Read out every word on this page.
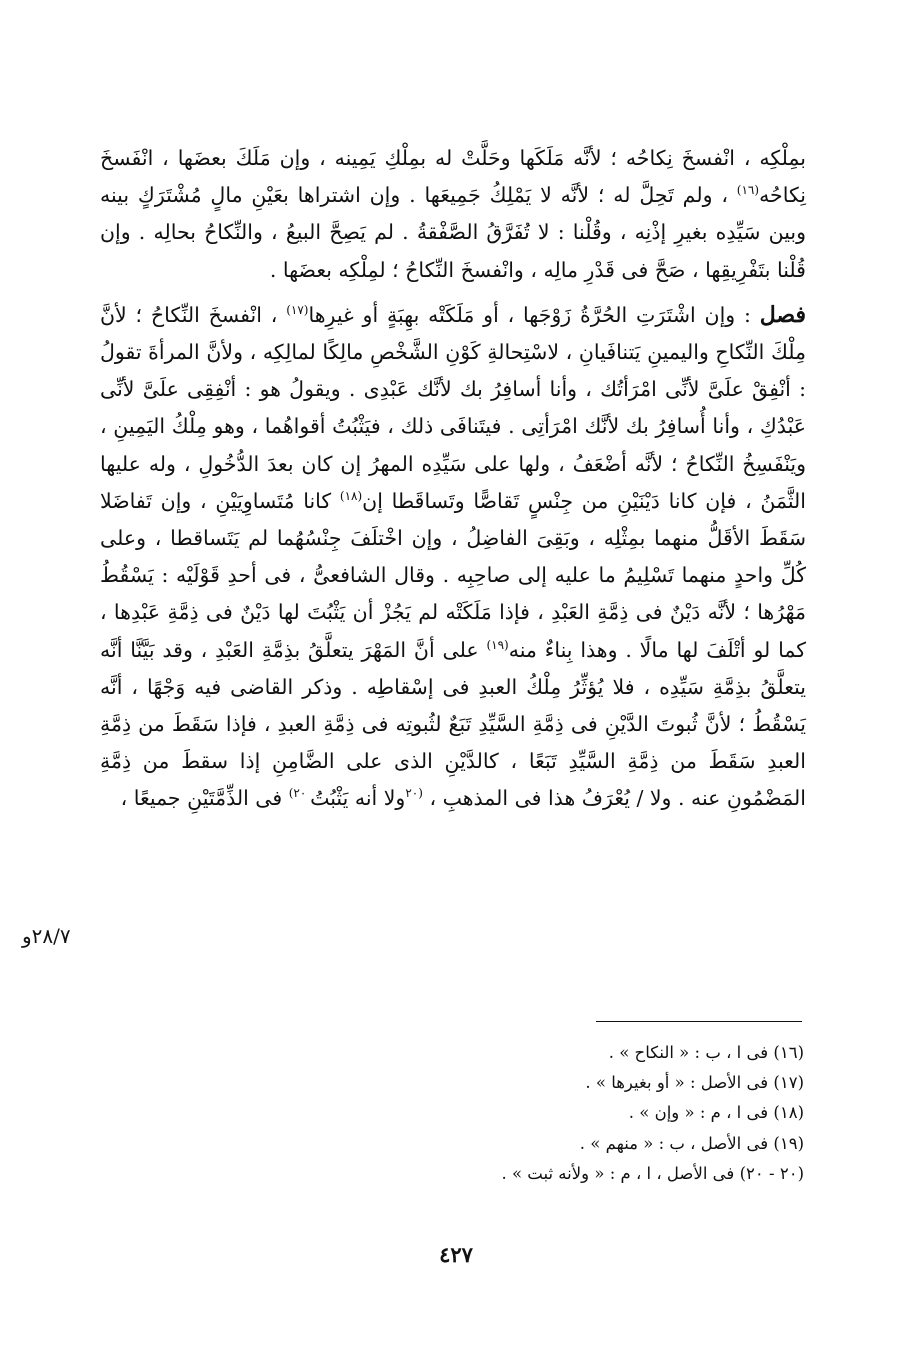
بمِلْكِه ، انْفسخَ نِكاحُه ؛ لأنَّه مَلَكَها وحَلَّتْ له بمِلْكِ يَمِينه ، وإن مَلَكَ بعضَها ، انْفَسخَ نِكاحُه$^{(١٦)}$ ، ولم تَحِلَّ له ؛ لأنَّه لا يَمْلِكُ جَمِيعَها . وإن اشتراها بعَيْنِ مالٍ مُشْتَرَكٍ بينه وبين سَيِّدِه بغيرِ إذْنِه ، وقُلْنا : لا تُفَرَّقُ الصَّفْقةُ . لم يَصِحَّ البيعُ ، والنِّكاحُ بحالِه . وإن قُلْنا بتَفْرِيقِها ، صَحَّ فى قَدْرِ مالِه ، وانْفسخَ النِّكاحُ ؛ لمِلْكِه بعضَها .

فصل : وإن اشْتَرَتِ الحُرَّةُ زَوْجَها ، أو مَلَكَتْه بهِبَةٍ أو غيرِها$^{(١٧)}$ ، انْفسخَ النِّكاحُ ؛ لأنَّ مِلْكَ النِّكاحِ واليمينِ يَتنافَيانِ ، لاسْتِحالةِ كَوْنِ الشَّخْصِ مالِكًا لمالِكِه ، ولأنَّ المرأةَ تقولُ : أنْفِقْ علَىَّ لأنِّى امْرَأتُك ، وأنا أسافِرُ بك لأنَّك عَبْدِى . ويقولُ هو : أنْفِقِى علَىَّ لأنِّى عَبْدُكِ ، وأنا أُسافِرُ بك لأنَّك امْرَأتِى . فيتَنافَى ذلك ، فيَثْبُتُ أقواهُما ، وهو مِلْكُ اليَمِينِ ، ويَنْفَسِخُ النِّكاحُ ؛ لأنَّه أضْعَفُ ، ولها على سَيِّدِه المهرُ إن كان بعدَ الدُّخُولِ ، وله عليها الثَّمَنُ ، فإن كانا دَيْنَيْنِ من جِنْسٍ تَقاصًّا وتَساقَطا إن$^{(١٨)}$ كانا مُتَساوِيَيْنِ ، وإن تَفاضَلا سَقَطَ الأقَلُّ منهما بمِثْلِه ، وبَقِىَ الفاضِلُ ، وإن اخْتلَفَ جِنْسُهُما لم يَتَساقطا ، وعلى كُلِّ واحدٍ منهما تَسْلِيمُ ما عليه إلى صاحِبِه . وقال الشافعىُّ ، فى أحدِ قَوْلَيْه : يَسْقُطُ مَهْرُها ؛ لأنَّه دَيْنٌ فى ذِمَّةِ العَبْدِ ، فإذا مَلَكَتْه لم يَجُزْ أن يَثْبُتَ لها دَيْنٌ فى ذِمَّةِ عَبْدِها ، كما لو أتْلَفَ لها مالًا . وهذا بِناءٌ منه$^{(١٩)}$ على أنَّ المَهْرَ يتعلَّقُ بذِمَّةِ العَبْدِ ، وقد بَيَّنَّا أنَّه يتعلَّقُ بذِمَّةِ سَيِّدِه ، فلا يُؤثِّرُ مِلْكُ العبدِ فى إسْقاطِه . وذكر القاضى فيه وَجْهًا ، أنَّه يَسْقُطُ ؛ لأنَّ ثُبوتَ الدَّيْنِ فى ذِمَّةِ السَّيِّدِ تَبَعٌ لثُبوتِه فى ذِمَّةِ العبدِ ، فإذا سَقَطَ من ذِمَّةِ العبدِ سَقَطَ من ذِمَّةِ السَّيِّدِ تَبَعًا ، كالدَّيْنِ الذى على الضَّامِنِ إذا سقطَ من ذِمَّةِ المَضْمُونِ عنه . ولا / يُعْرَفُ هذا فى المذهبِ ، $^{(٢٠}$ولا أنه يَثْبُتُ $^{٢٠)}$ فى الذِّمَّتَيْنِ جميعًا ،

٢٨/٧و
(١٦) فى ا ، ب : « النكاح » .
(١٧) فى الأصل : « أو بغيرها » .
(١٨) فى ا ، م : « وإن » .
(١٩) فى الأصل ، ب : « منهم » .
(٢٠ - ٢٠) فى الأصل ، ا ، م : « ولأنه ثبت » .
٤٢٧
